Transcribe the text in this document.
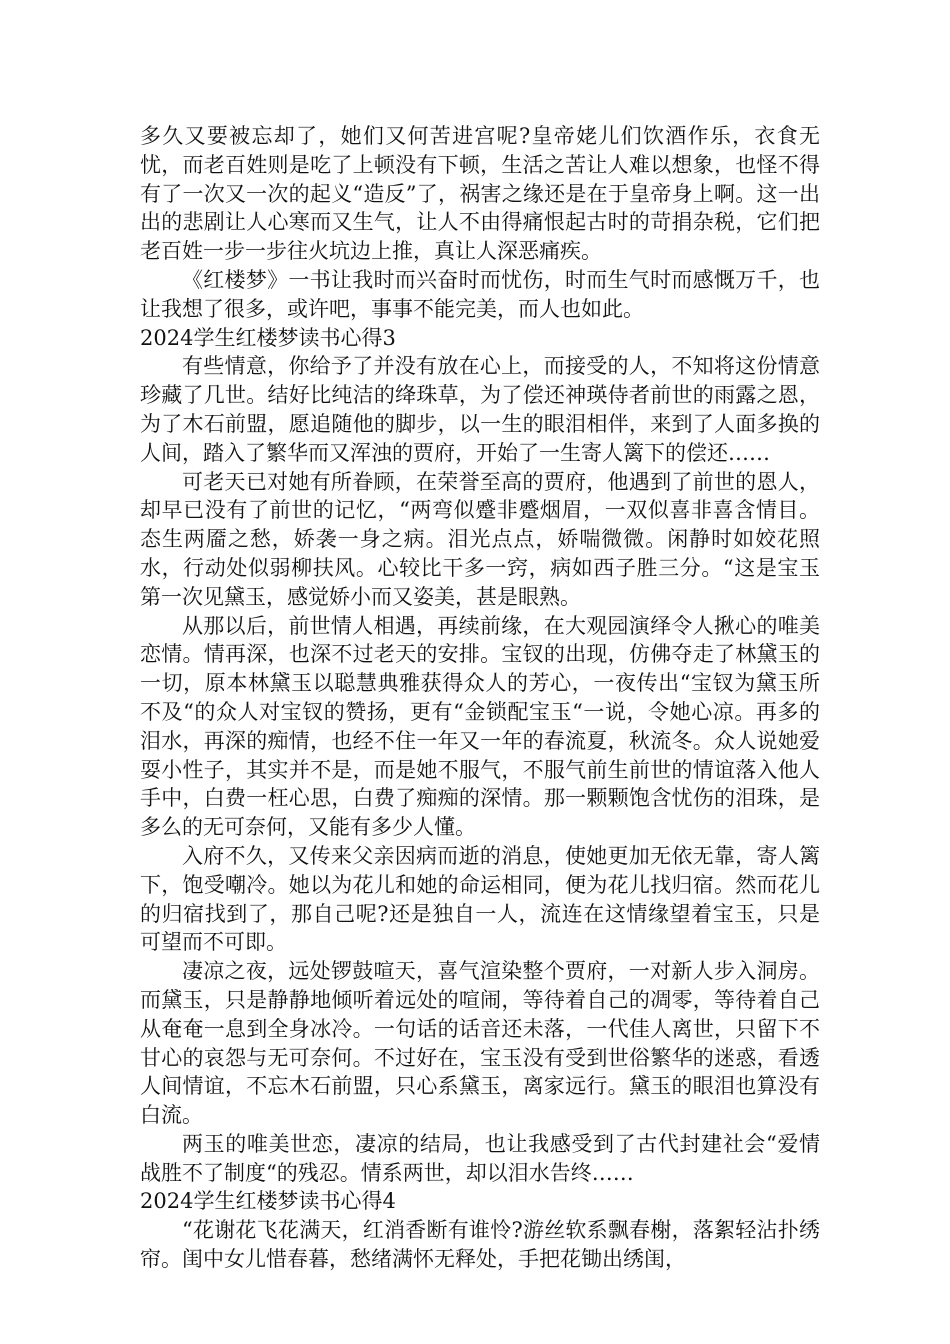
多久又要被忘却了，她们又何苦进宫呢?皇帝姥儿们饮酒作乐，衣食无忧，而老百姓则是吃了上顿没有下顿，生活之苦让人难以想象，也怪不得有了一次又一次的起义“造反”了，祸害之缘还是在于皇帝身上啊。这一出出的悲剧让人心寒而又生气，让人不由得痛恨起古时的苛捐杂税，它们把老百姓一步一步往火坑边上推，真让人深恶痛疾。

《红楼梦》一书让我时而兴奋时而忧伤，时而生气时而感慨万千，也让我想了很多，或许吧，事事不能完美，而人也如此。

2024学生红楼梦读书心得3

有些情意，你给予了并没有放在心上，而接受的人，不知将这份情意珍藏了几世。结好比纯洁的绛珠草，为了偿还神瑛侍者前世的雨露之恩，为了木石前盟，愿追随他的脚步，以一生的眼泪相伴，来到了人面多换的人间，踏入了繁华而又浑浊的贾府，开始了一生寄人篱下的偿还……

可老天已对她有所眷顾，在荣誉至高的贾府，他遇到了前世的恩人，却早已没有了前世的记忆，“两弯似蹙非蹙烟眉，一双似喜非喜含情目。态生两靥之愁，娇袭一身之病。泪光点点，娇喘微微。闲静时如姣花照水，行动处似弱柳扶风。心较比干多一窍，病如西子胜三分。“这是宝玉第一次见黛玉，感觉娇小而又姿美，甚是眼熟。

从那以后，前世情人相遇，再续前缘，在大观园演绎令人揪心的唯美恋情。情再深，也深不过老天的安排。宝钗的出现，仿佛夺走了林黛玉的一切，原本林黛玉以聪慧典雅获得众人的芳心，一夜传出“宝钗为黛玉所不及“的众人对宝钗的赞扬，更有“金锁配宝玉“一说，令她心凉。再多的泪水，再深的痴情，也经不住一年又一年的春流夏，秋流冬。众人说她爱耍小性子，其实并不是，而是她不服气，不服气前生前世的情谊落入他人手中，白费一枉心思，白费了痴痴的深情。那一颗颗饱含忧伤的泪珠，是多么的无可奈何，又能有多少人懂。

入府不久，又传来父亲因病而逝的消息，使她更加无依无靠，寄人篱下，饱受嘲冷。她以为花儿和她的命运相同，便为花儿找归宿。然而花儿的归宿找到了，那自己呢?还是独自一人，流连在这情缘望着宝玉，只是可望而不可即。

凄凉之夜，远处锣鼓喧天，喜气渲染整个贾府，一对新人步入洞房。而黛玉，只是静静地倾听着远处的喧闹，等待着自己的凋零，等待着自己从奄奄一息到全身冰冷。一句话的话音还未落，一代佳人离世，只留下不甘心的哀怨与无可奈何。不过好在，宝玉没有受到世俗繁华的迷惑，看透人间情谊，不忘木石前盟，只心系黛玉，离家远行。黛玉的眼泪也算没有白流。

两玉的唯美世恋，凄凉的结局，也让我感受到了古代封建社会“爱情战胜不了制度“的残忍。情系两世，却以泪水告终……

2024学生红楼梦读书心得4

“花谢花飞花满天，红消香断有谁怜?游丝软系飘春榭，落絮轻沾扑绣帘。闺中女儿惜春暮，愁绪满怀无释处，手把花锄出绣闺，
